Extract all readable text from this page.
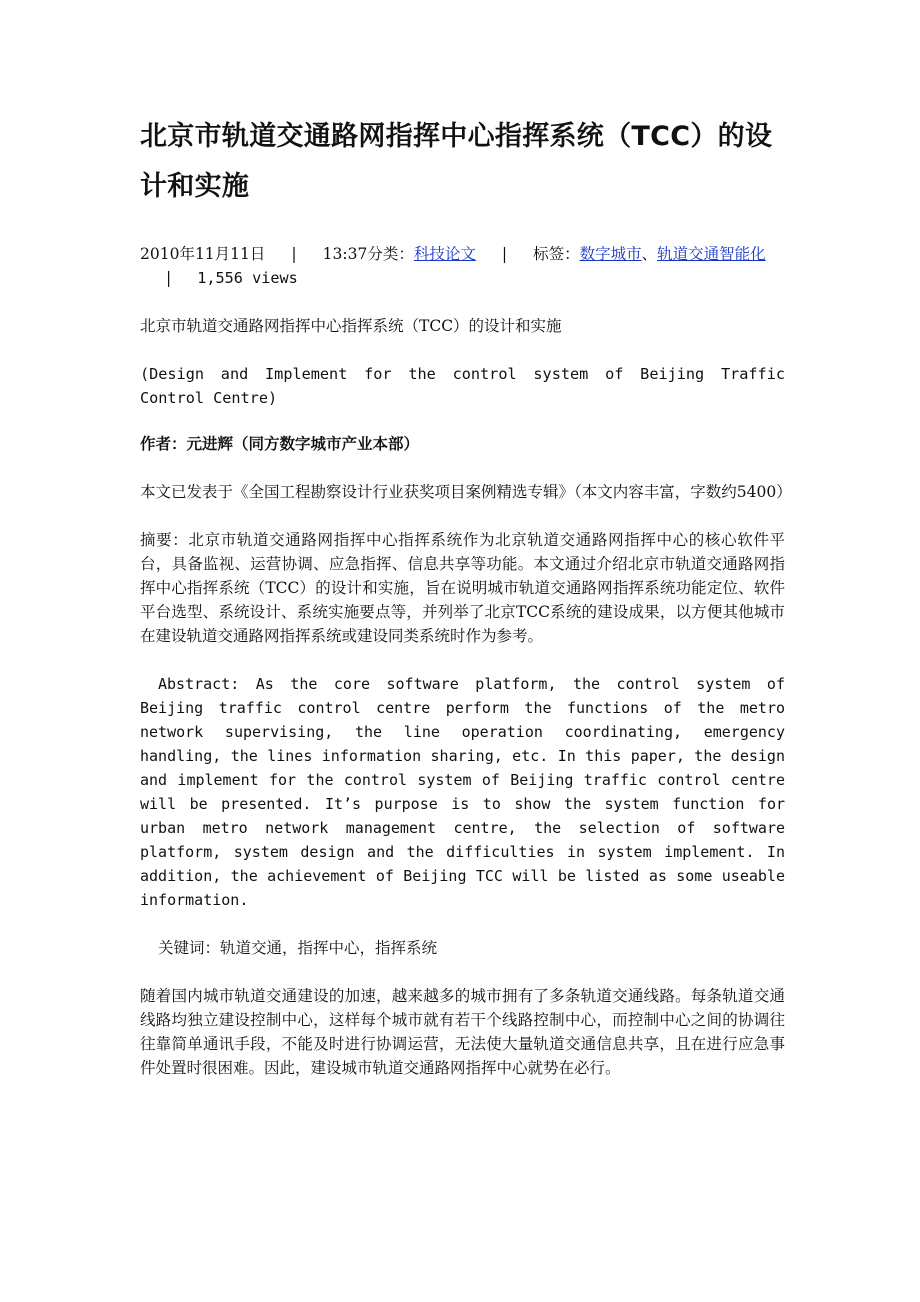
北京市轨道交通路网指挥中心指挥系统（TCC）的设计和实施
2010年11月11日 | 13:37分类：科技论文 | 标签：数字城市、轨道交通智能化| 1,556 views

北京市轨道交通路网指挥中心指挥系统（TCC）的设计和实施

(Design and Implement for the control system of Beijing Traffic Control Centre)

作者：元进辉（同方数字城市产业本部）

本文已发表于《全国工程勘察设计行业获奖项目案例精选专辑》（本文内容丰富，字数约5400）

摘要：北京市轨道交通路网指挥中心指挥系统作为北京轨道交通路网指挥中心的核心软件平台，具备监视、运营协调、应急指挥、信息共享等功能。本文通过介绍北京市轨道交通路网指挥中心指挥系统（TCC）的设计和实施，旨在说明城市轨道交通路网指挥系统功能定位、软件平台选型、系统设计、系统实施要点等，并列举了北京TCC系统的建设成果，以方便其他城市在建设轨道交通路网指挥系统或建设同类系统时作为参考。

Abstract: As the core software platform, the control system of Beijing traffic control centre perform the functions of the metro network supervising, the line operation coordinating, emergency handling, the lines information sharing, etc. In this paper, the design and implement for the control system of Beijing traffic control centre will be presented. It’s purpose is to show the system function for urban metro network management centre, the selection of software platform, system design and the difficulties in system implement. In addition, the achievement of Beijing TCC will be listed as some useable information.

关键词：轨道交通，指挥中心，指挥系统

随着国内城市轨道交通建设的加速，越来越多的城市拥有了多条轨道交通线路。每条轨道交通线路均独立建设控制中心，这样每个城市就有若干个线路控制中心，而控制中心之间的协调往往靠简单通讯手段，不能及时进行协调运营，无法使大量轨道交通信息共享，且在进行应急事件处置时很困难。因此，建设城市轨道交通路网指挥中心就势在必行。
